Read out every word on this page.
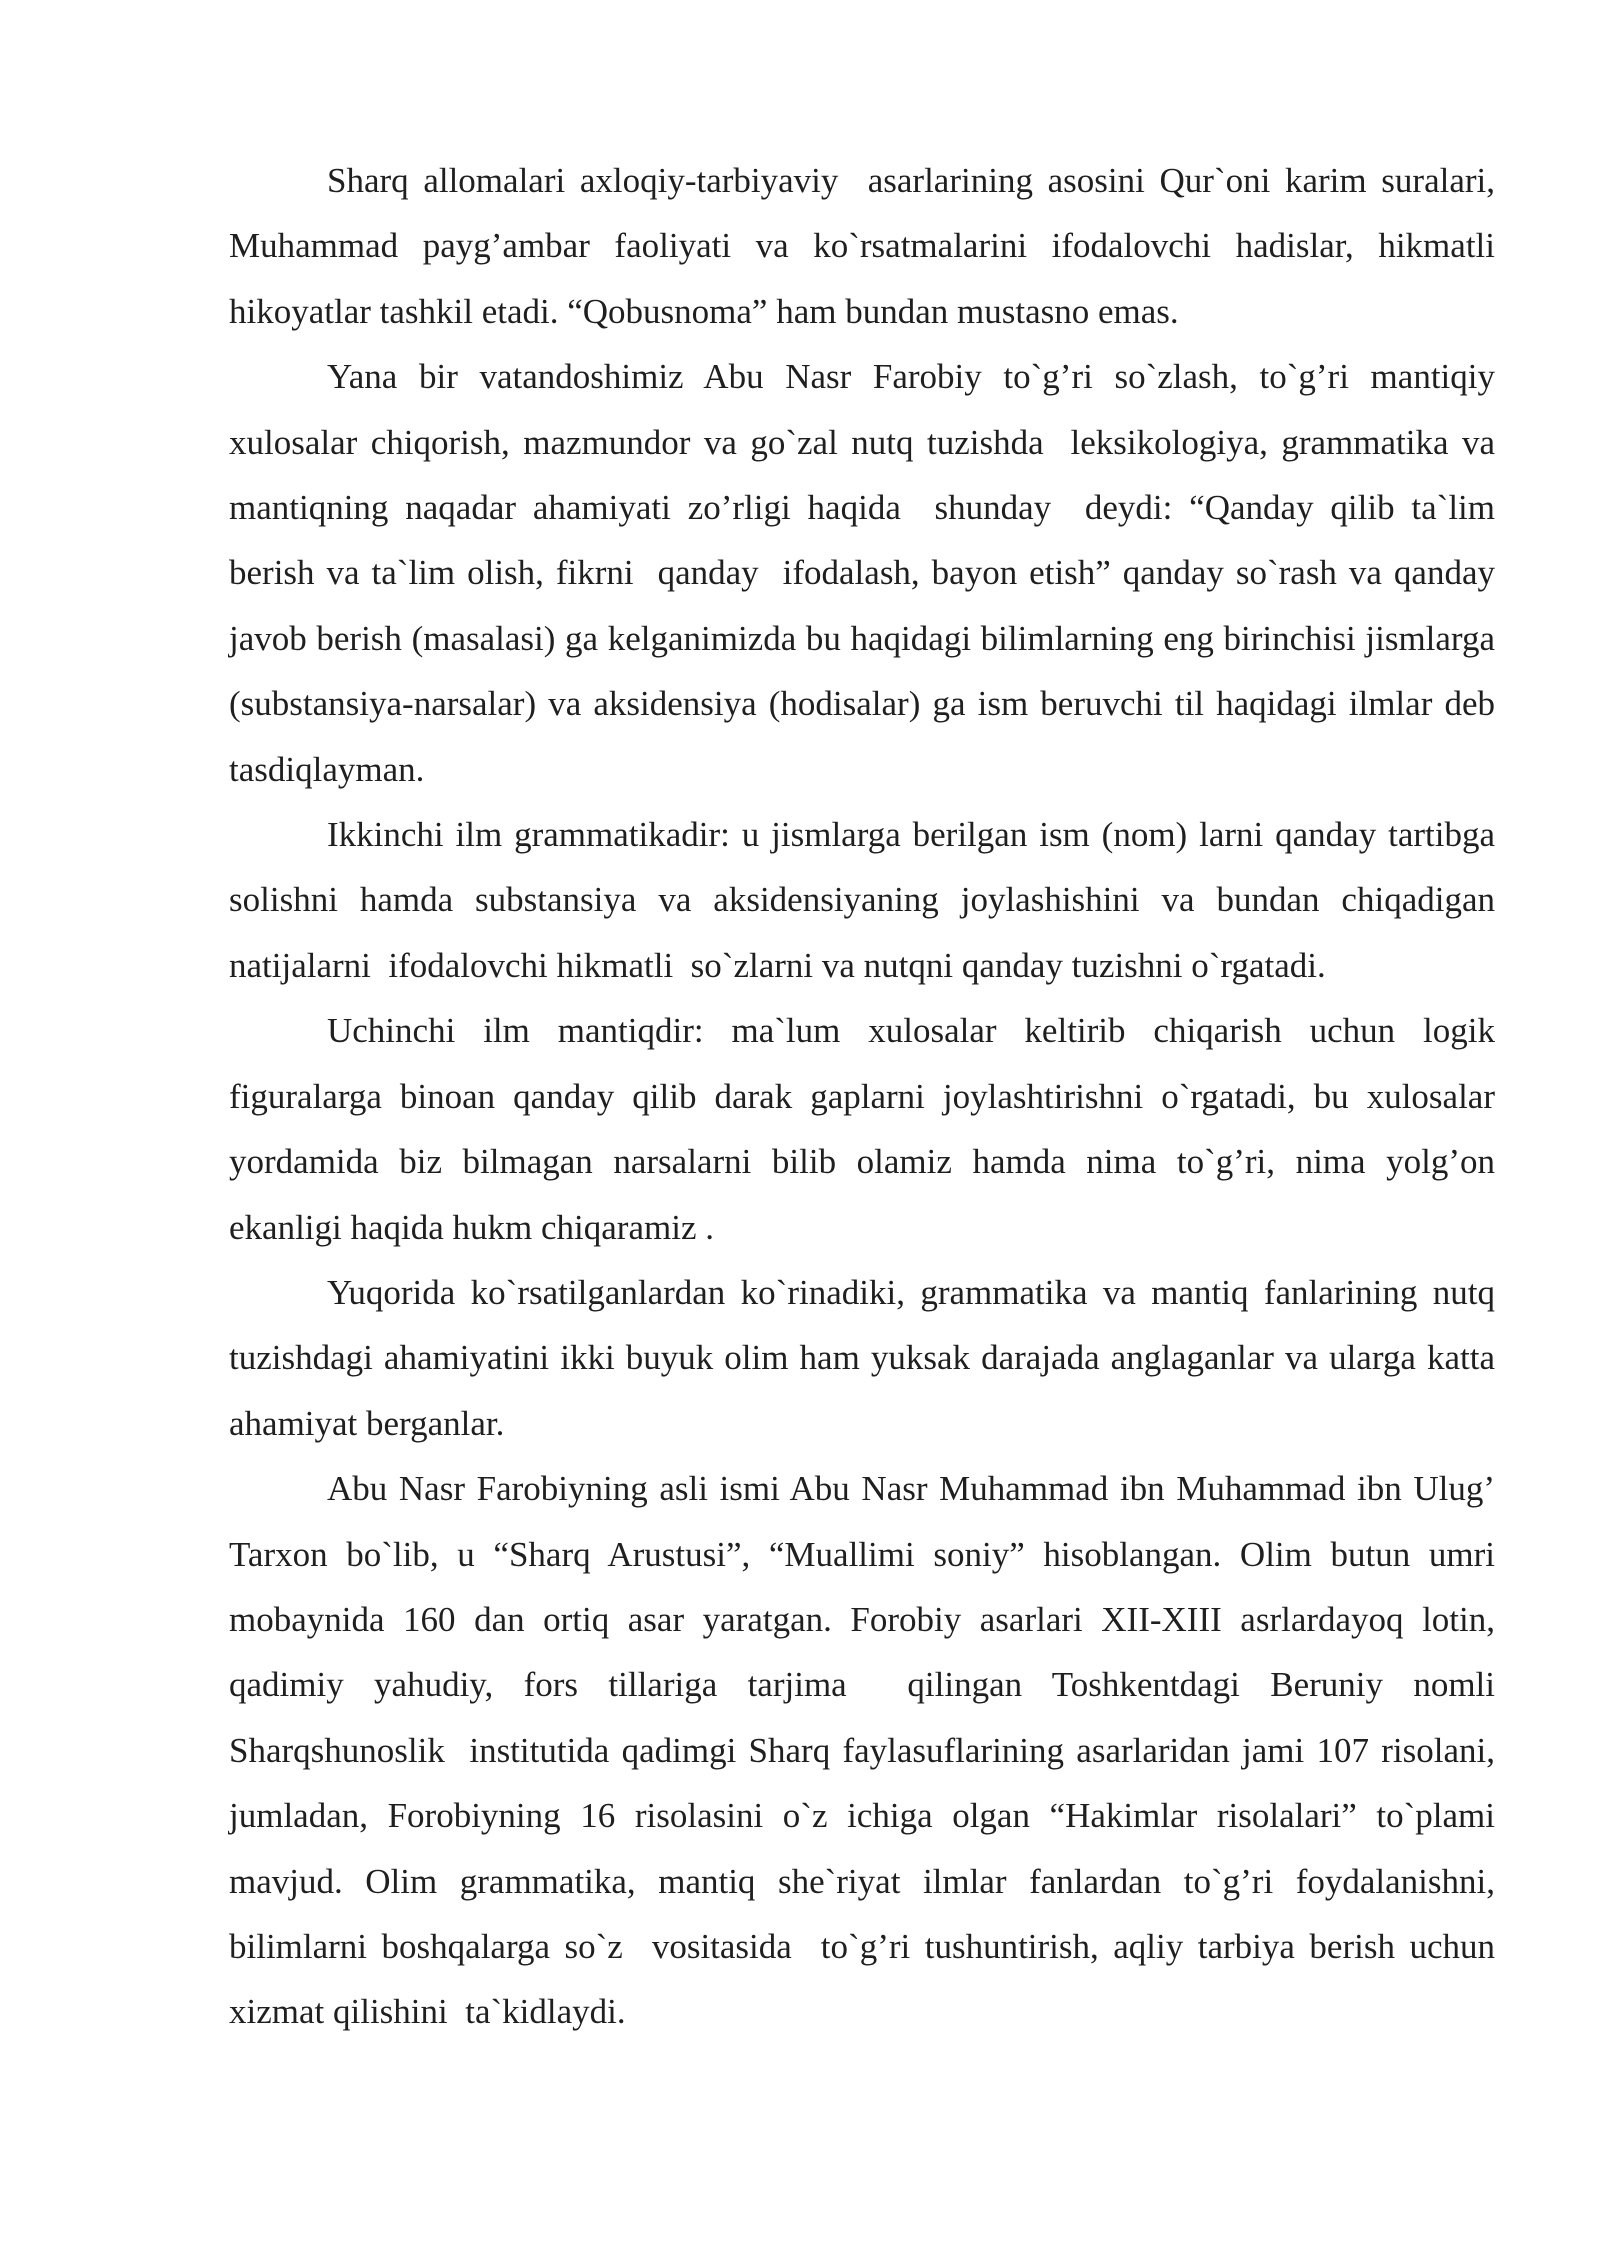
Sharq allomalari axloqiy-tarbiyaviy  asarlarining asosini Qur`oni karim suralari, Muhammad payg’ambar faoliyati va ko`rsatmalarini ifodalovchi hadislar, hikmatli hikoyatlar tashkil etadi. “Qobusnoma” ham bundan mustasno emas.

Yana bir vatandoshimiz Abu Nasr Farobiy to`g’ri so`zlash, to`g’ri mantiqiy xulosalar chiqorish, mazmundor va go`zal nutq tuzishda  leksikologiya, grammatika va mantiqning naqadar ahamiyati zo’rligi haqida  shunday  deydi: “Qanday qilib ta`lim berish va ta`lim olish, fikrni  qanday  ifodalash, bayon etish” qanday so`rash va qanday  javob berish (masalasi) ga kelganimizda bu haqidagi bilimlarning eng birinchisi jismlarga (substansiya-narsalar) va aksidensiya (hodisalar) ga ism beruvchi til haqidagi ilmlar deb tasdiqlayman.

Ikkinchi ilm grammatikadir: u jismlarga berilgan ism (nom) larni qanday tartibga solishni hamda substansiya va aksidensiyaning joylashishini va bundan chiqadigan natijalarni  ifodalovchi hikmatli  so`zlarni va nutqni qanday tuzishni o`rgatadi.

Uchinchi ilm mantiqdir: ma`lum xulosalar keltirib chiqarish uchun logik figuralarga binoan qanday qilib darak gaplarni joylashtirishni o`rgatadi, bu xulosalar yordamida biz bilmagan narsalarni bilib olamiz hamda nima to`g’ri, nima yolg’on ekanligi haqida hukm chiqaramiz .

Yuqorida ko`rsatilganlardan ko`rinadiki, grammatika va mantiq fanlarining nutq tuzishdagi ahamiyatini ikki buyuk olim ham yuksak darajada anglaganlar va ularga katta ahamiyat berganlar.

Abu Nasr Farobiyning asli ismi Abu Nasr Muhammad ibn Muhammad ibn Ulug’ Tarxon bo`lib, u “Sharq Arustusi”, “Muallimi soniy” hisoblangan. Olim butun umri  mobaynida 160 dan ortiq asar yaratgan. Forobiy asarlari XII-XIII asrlardayoq lotin, qadimiy yahudiy, fors tillariga tarjima  qilingan Toshkentdagi Beruniy nomli Sharqshunoslik  institutida qadimgi Sharq faylasuflarining asarlaridan jami 107 risolani, jumladan, Forobiyning 16 risolasini o`z ichiga olgan “Hakimlar risolalari” to`plami mavjud. Olim grammatika, mantiq she`riyat ilmlar fanlardan to`g’ri foydalanishni, bilimlarni boshqalarga so`z  vositasida  to`g’ri tushuntirish, aqliy tarbiya berish uchun xizmat qilishini  ta`kidlaydi.
